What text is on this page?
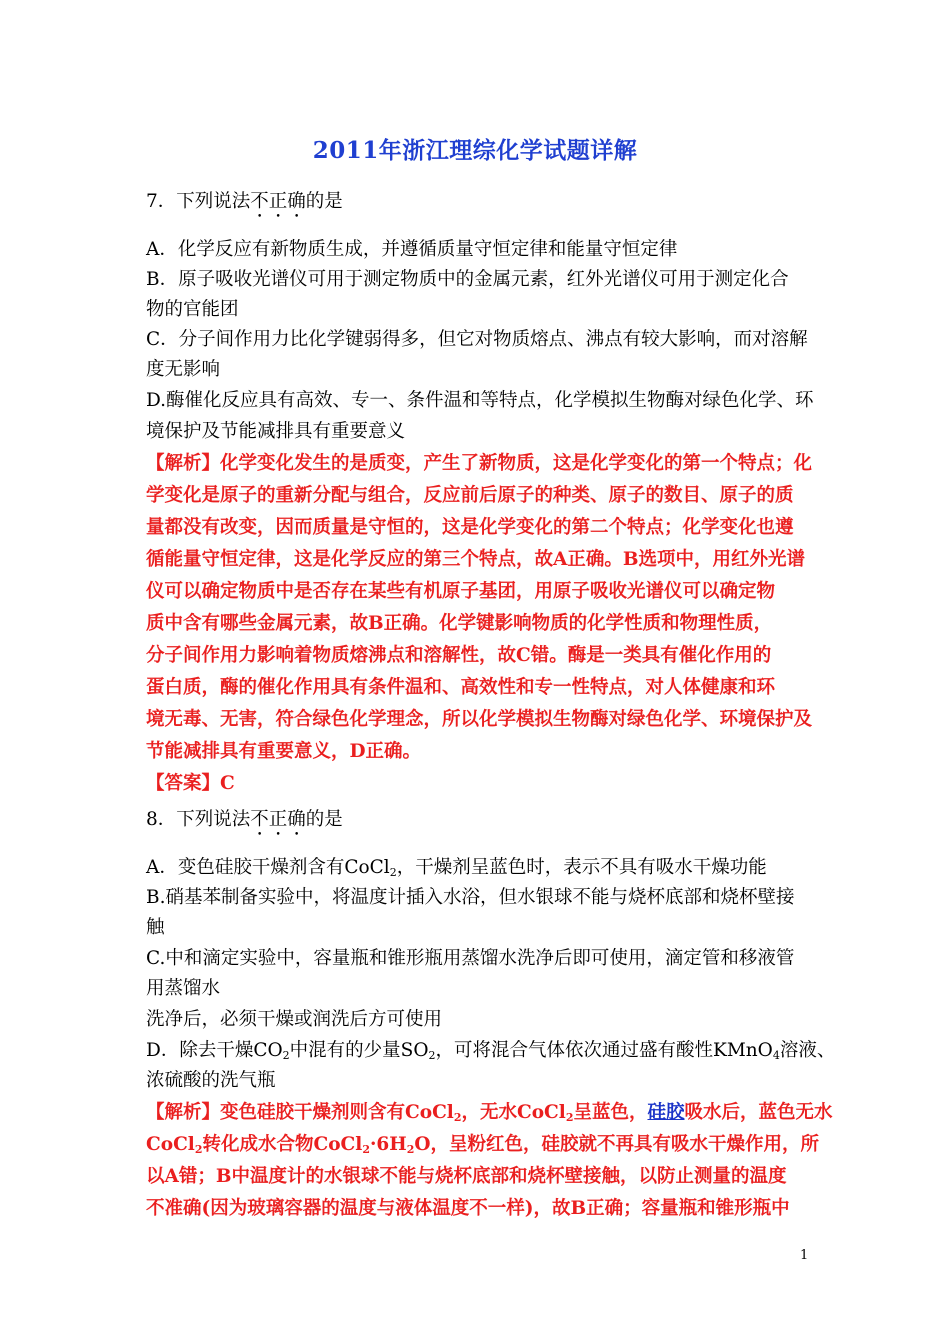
2011年浙江理综化学试题详解
7．下列说法不正确的是
A．化学反应有新物质生成，并遵循质量守恒定律和能量守恒定律
B．原子吸收光谱仪可用于测定物质中的金属元素，红外光谱仪可用于测定化合
物的官能团
C．分子间作用力比化学键弱得多，但它对物质熔点、沸点有较大影响，而对溶解
度无影响
D.酶催化反应具有高效、专一、条件温和等特点，化学模拟生物酶对绿色化学、环
境保护及节能减排具有重要意义
【解析】化学变化发生的是质变，产生了新物质，这是化学变化的第一个特点；化
学变化是原子的重新分配与组合，反应前后原子的种类、原子的数目、原子的质
量都没有改变，因而质量是守恒的，这是化学变化的第二个特点；化学变化也遵
循能量守恒定律，这是化学反应的第三个特点，故A正确。B选项中，用红外光谱
仪可以确定物质中是否存在某些有机原子基团，用原子吸收光谱仪可以确定物
质中含有哪些金属元素，故B正确。化学键影响物质的化学性质和物理性质，
分子间作用力影响着物质熔沸点和溶解性，故C错。酶是一类具有催化作用的
蛋白质，酶的催化作用具有条件温和、高效性和专一性特点，对人体健康和环
境无毒、无害，符合绿色化学理念，所以化学模拟生物酶对绿色化学、环境保护及
节能减排具有重要意义，D正确。
【答案】C
8．下列说法不正确的是
A．变色硅胶干燥剂含有CoCl$_2$，干燥剂呈蓝色时，表示不具有吸水干燥功能
B.硝基苯制备实验中，将温度计插入水浴，但水银球不能与烧杯底部和烧杯壁接
触
C.中和滴定实验中，容量瓶和锥形瓶用蒸馏水洗净后即可使用，滴定管和移液管
用蒸馏水
洗净后，必须干燥或润洗后方可使用
D．除去干燥$CO_2$中混有的少量$SO_2$，可将混合气体依次通过盛有酸性KMnO$_4$溶液、
浓硫酸的洗气瓶
【解析】变色硅胶干燥剂则含有CoCl$_2$，无水CoCl$_2$呈蓝色，硅胶吸水后，蓝色无水
CoCl$_2$转化成水合物$CoCl_2\cdot 6H_2O$，呈粉红色，硅胶就不再具有吸水干燥作用，所
以A错；B中温度计的水银球不能与烧杯底部和烧杯壁接触，以防止测量的温度
不准确(因为玻璃容器的温度与液体温度不一样)，故B正确；容量瓶和锥形瓶中
1
